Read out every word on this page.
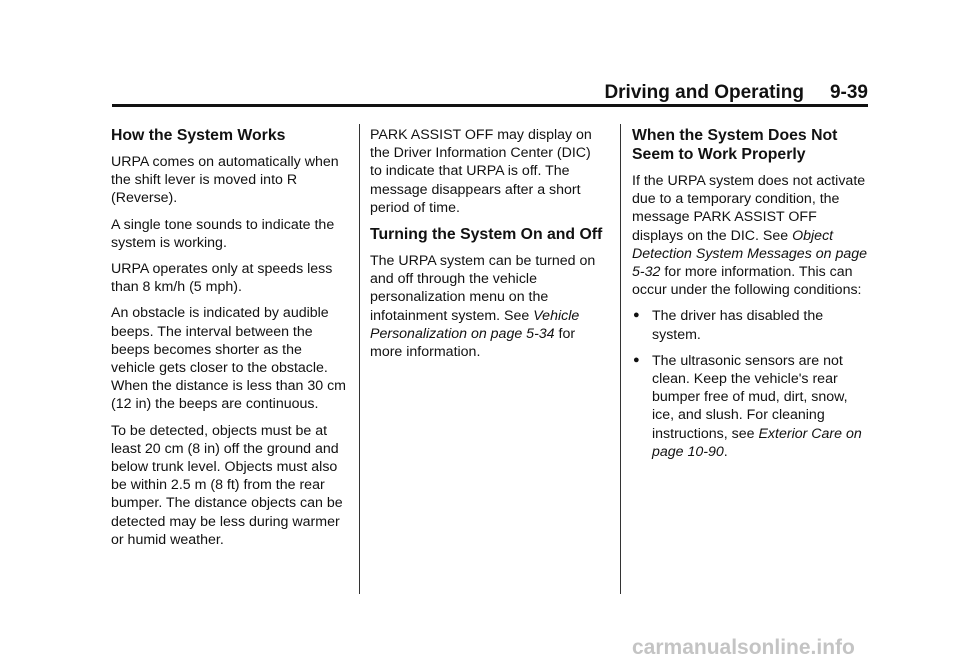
Driving and Operating 9-39
How the System Works

URPA comes on automatically when the shift lever is moved into R (Reverse).

A single tone sounds to indicate the system is working.

URPA operates only at speeds less than 8 km/h (5 mph).

An obstacle is indicated by audible beeps. The interval between the beeps becomes shorter as the vehicle gets closer to the obstacle. When the distance is less than 30 cm (12 in) the beeps are continuous.

To be detected, objects must be at least 20 cm (8 in) off the ground and below trunk level. Objects must also be within 2.5 m (8 ft) from the rear bumper. The distance objects can be detected may be less during warmer or humid weather.

PARK ASSIST OFF may display on the Driver Information Center (DIC) to indicate that URPA is off. The message disappears after a short period of time.

Turning the System On and Off

The URPA system can be turned on and off through the vehicle personalization menu on the infotainment system. See Vehicle Personalization on page 5-34 for more information.

When the System Does Not Seem to Work Properly

If the URPA system does not activate due to a temporary condition, the message PARK ASSIST OFF displays on the DIC. See Object Detection System Messages on page 5-32 for more information. This can occur under the following conditions:

● The driver has disabled the system.
● The ultrasonic sensors are not clean. Keep the vehicle's rear bumper free of mud, dirt, snow, ice, and slush. For cleaning instructions, see Exterior Care on page 10-90.
carmanualsonline.info
